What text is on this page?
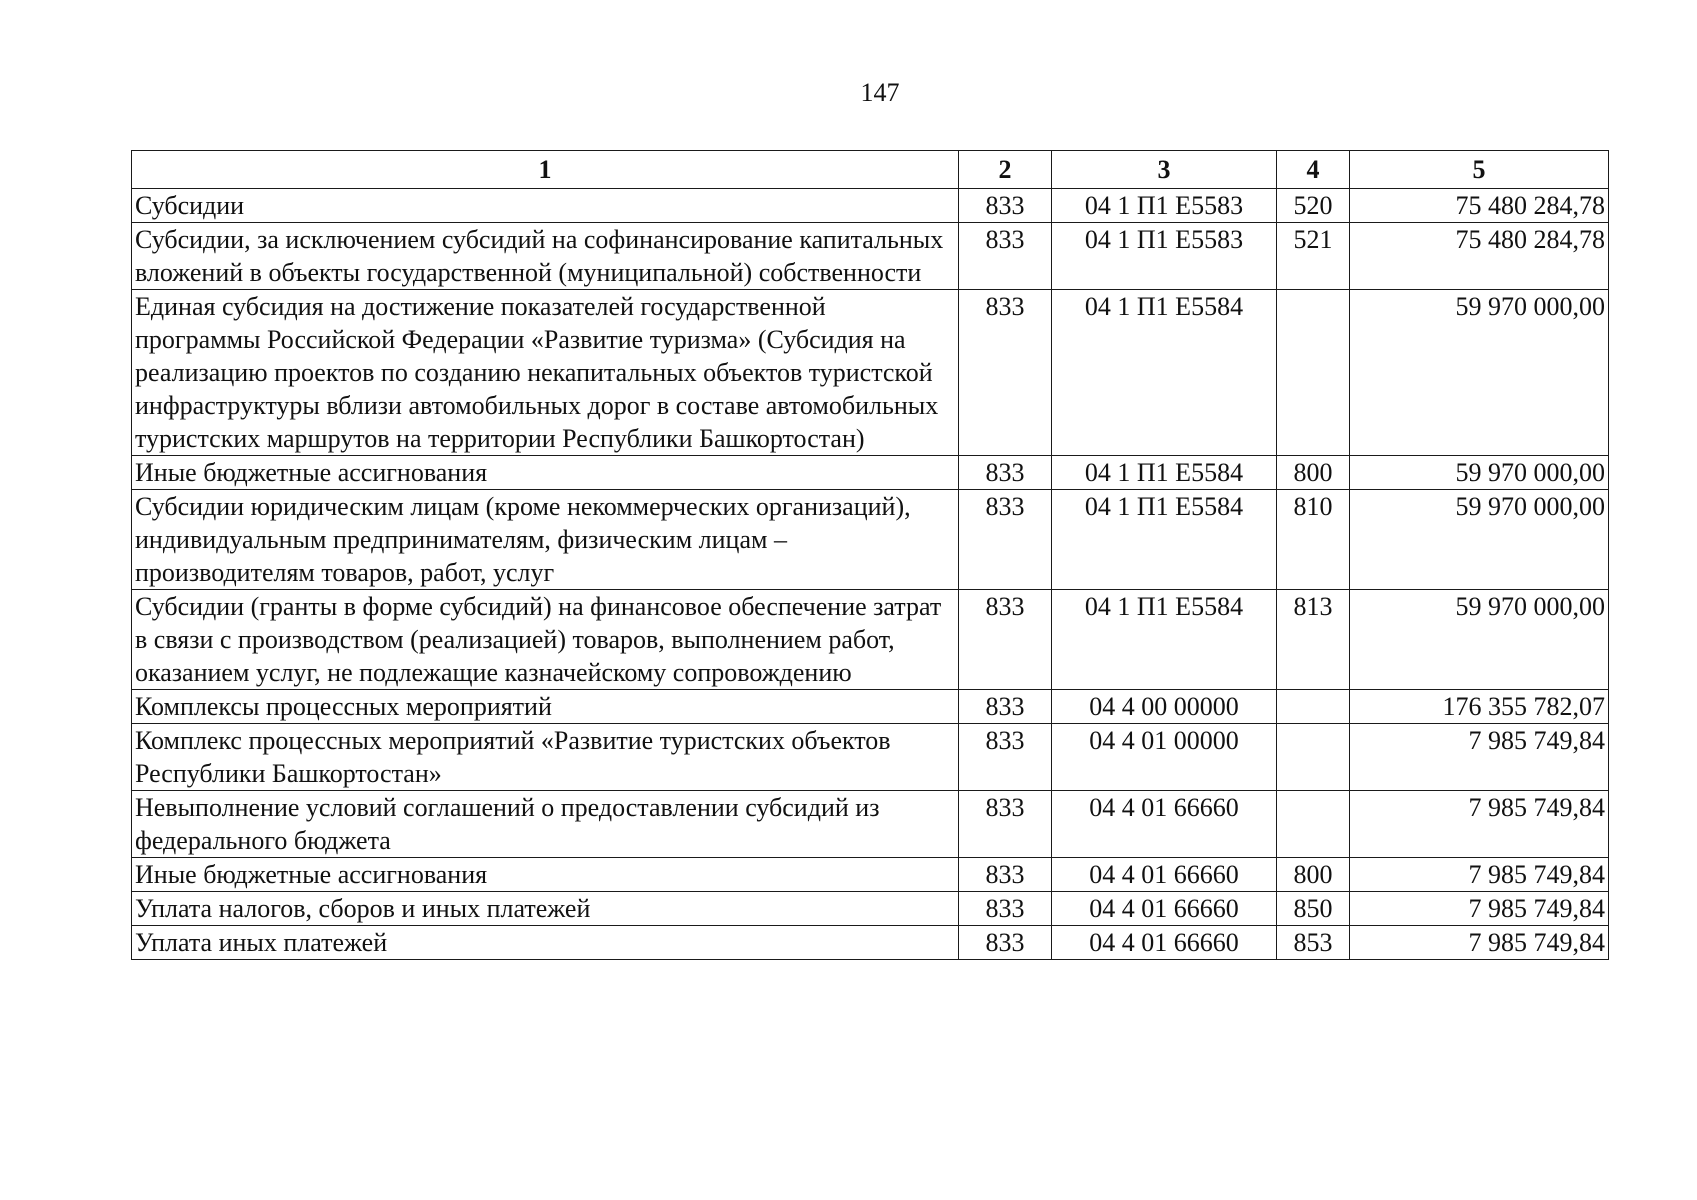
147
1	2	3	4	5
Субсидии	833	04 1 П1 Е5583	520	75 480 284,78
Субсидии, за исключением субсидий на софинансирование капитальных вложений в объекты государственной (муниципальной) собственности	833	04 1 П1 Е5583	521	75 480 284,78
Единая субсидия на достижение показателей государственной программы Российской Федерации «Развитие туризма» (Субсидия на реализацию проектов по созданию некапитальных объектов туристской инфраструктуры вблизи автомобильных дорог в составе автомобильных туристских маршрутов на территории Республики Башкортостан)	833	04 1 П1 Е5584		59 970 000,00
Иные бюджетные ассигнования	833	04 1 П1 Е5584	800	59 970 000,00
Субсидии юридическим лицам (кроме некоммерческих организаций), индивидуальным предпринимателям, физическим лицам – производителям товаров, работ, услуг	833	04 1 П1 Е5584	810	59 970 000,00
Субсидии (гранты в форме субсидий) на финансовое обеспечение затрат в связи с производством (реализацией) товаров, выполнением работ, оказанием услуг, не подлежащие казначейскому сопровождению	833	04 1 П1 Е5584	813	59 970 000,00
Комплексы процессных мероприятий	833	04 4 00 00000		176 355 782,07
Комплекс процессных мероприятий «Развитие туристских объектов Республики Башкортостан»	833	04 4 01 00000		7 985 749,84
Невыполнение условий соглашений о предоставлении субсидий из федерального бюджета	833	04 4 01 66660		7 985 749,84
Иные бюджетные ассигнования	833	04 4 01 66660	800	7 985 749,84
Уплата налогов, сборов и иных платежей	833	04 4 01 66660	850	7 985 749,84
Уплата иных платежей	833	04 4 01 66660	853	7 985 749,84
